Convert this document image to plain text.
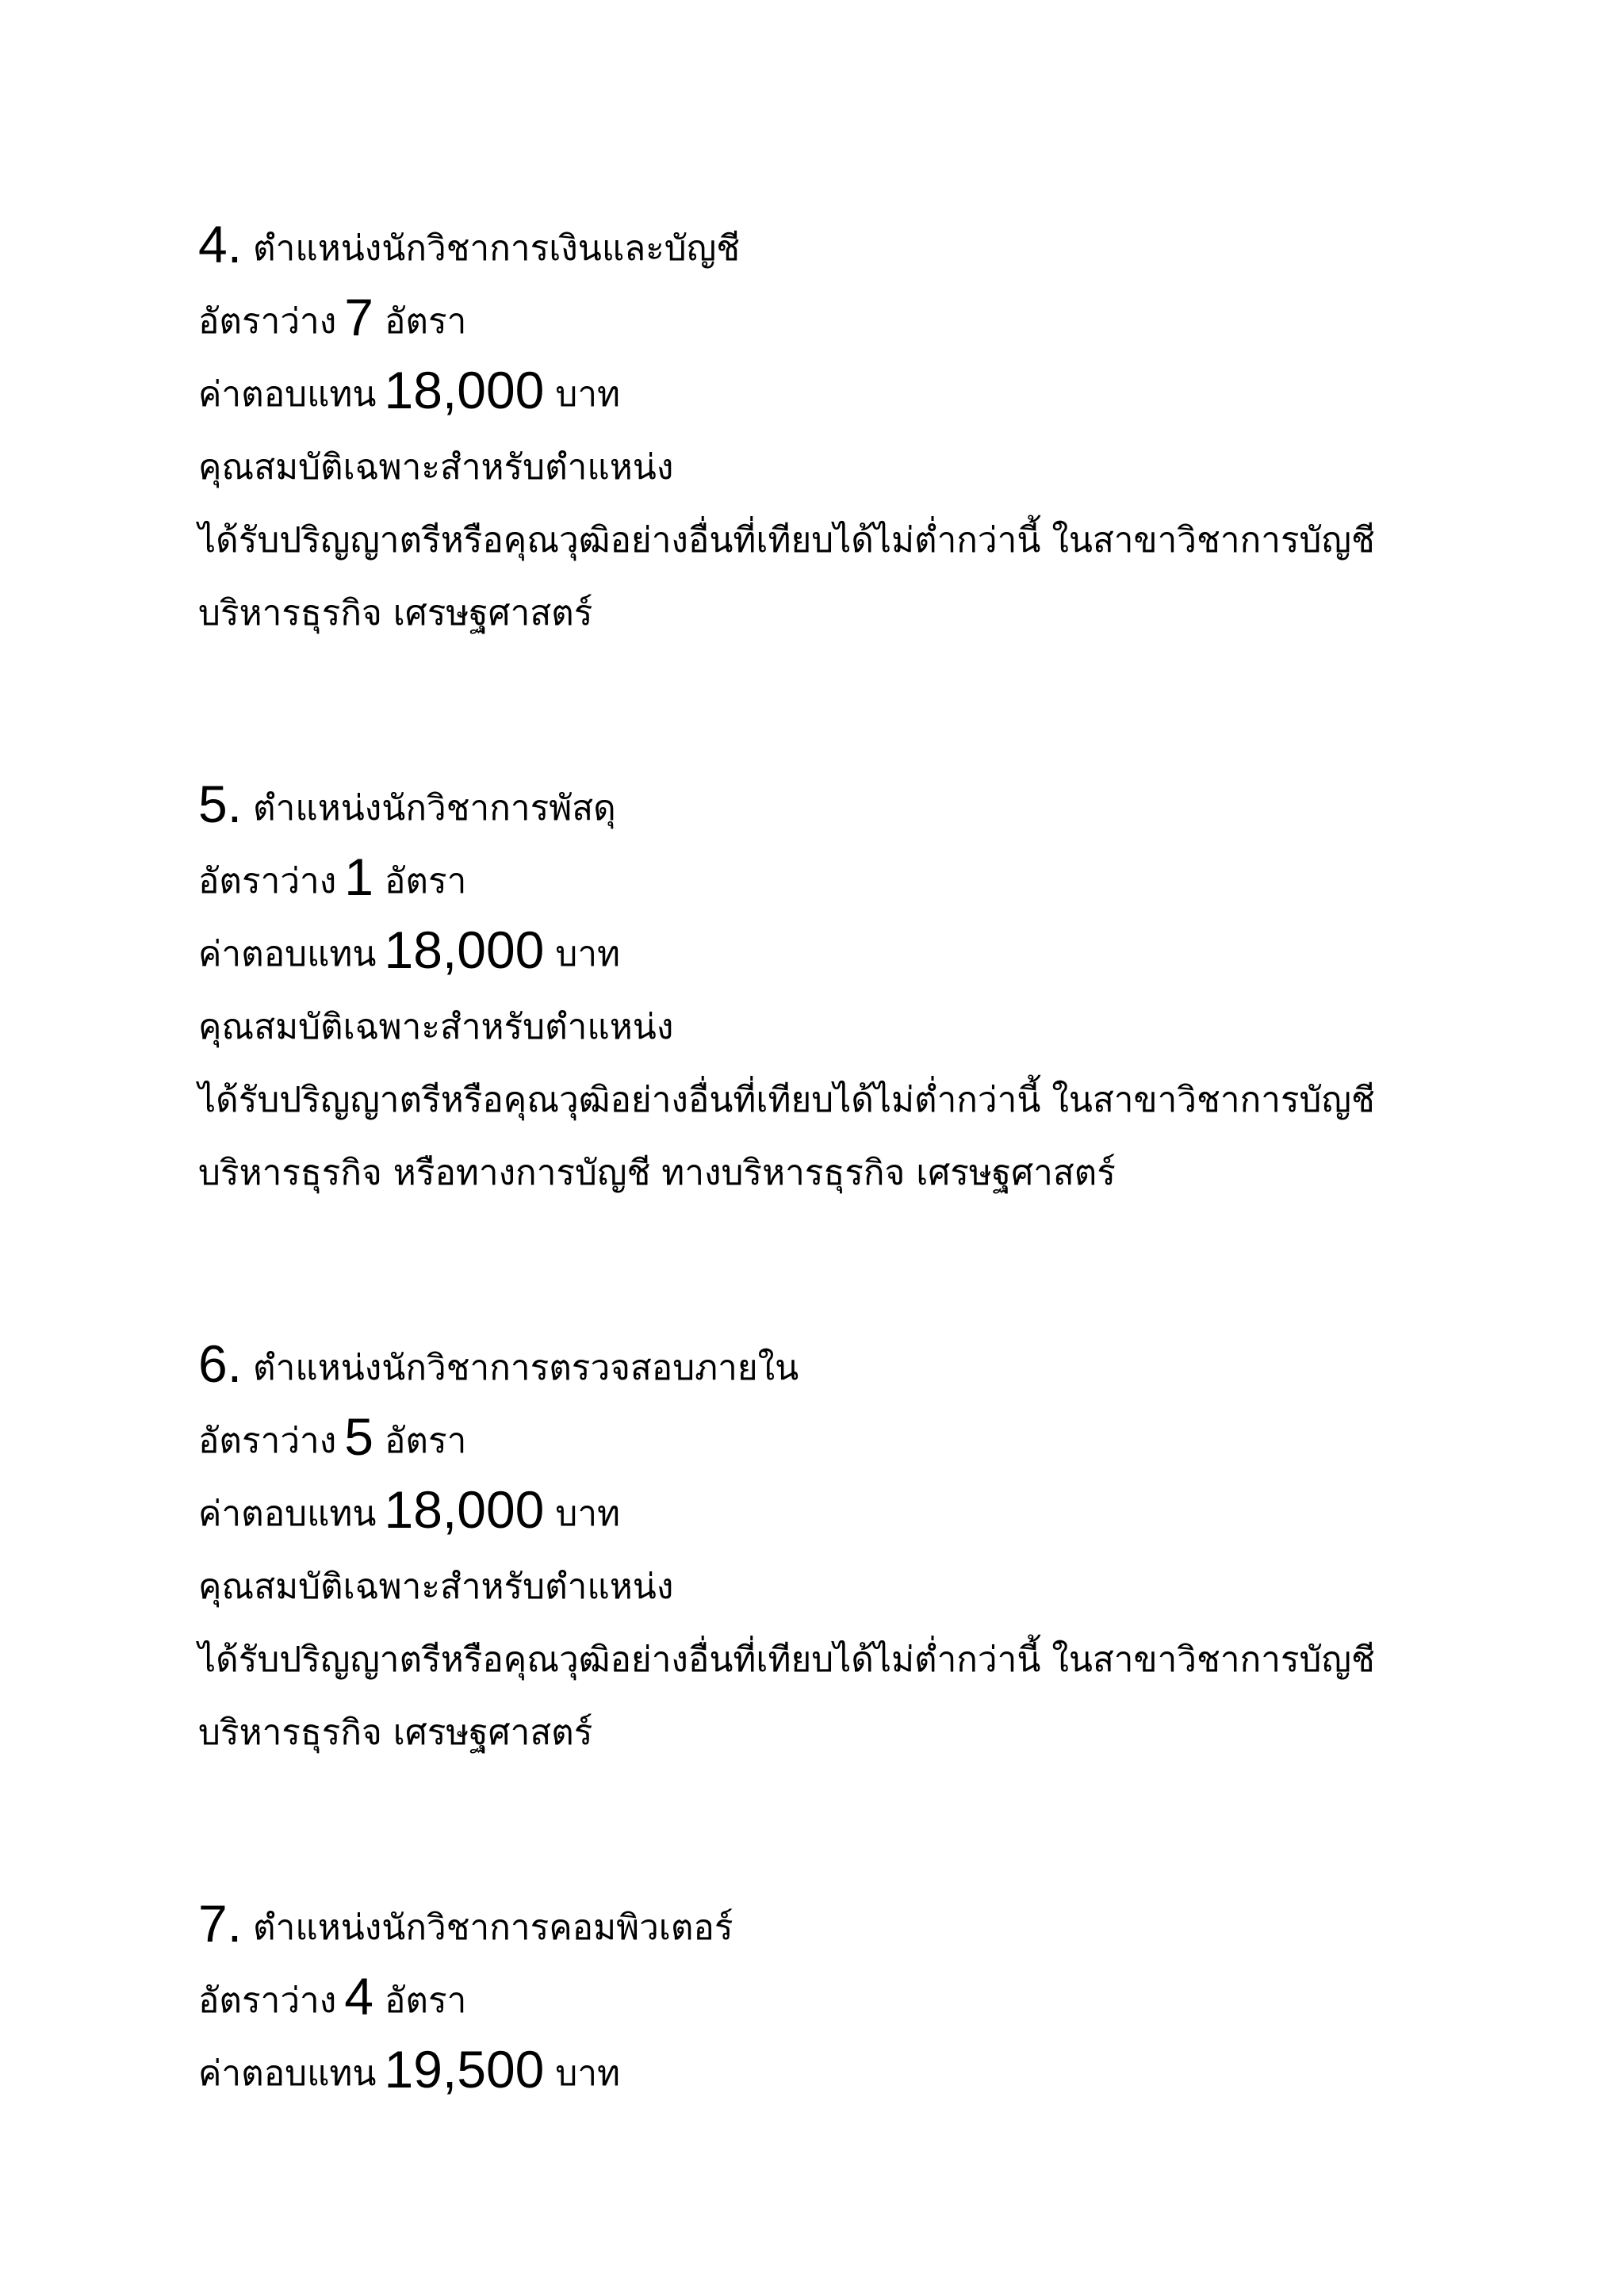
4. ตำแหน่งนักวิชาการเงินและบัญชี
อัตราว่าง 7 อัตรา
ค่าตอบแทน 18,000 บาท
คุณสมบัติเฉพาะสำหรับตำแหน่ง
ได้รับปริญญาตรีหรือคุณวุฒิอย่างอื่นที่เทียบได้ไม่ต่ำกว่านี้ ในสาขาวิชาการบัญชี
บริหารธุรกิจ เศรษฐศาสตร์
5. ตำแหน่งนักวิชาการพัสดุ
อัตราว่าง 1 อัตรา
ค่าตอบแทน 18,000 บาท
คุณสมบัติเฉพาะสำหรับตำแหน่ง
ได้รับปริญญาตรีหรือคุณวุฒิอย่างอื่นที่เทียบได้ไม่ต่ำกว่านี้ ในสาขาวิชาการบัญชี
บริหารธุรกิจ หรือทางการบัญชี ทางบริหารธุรกิจ เศรษฐศาสตร์
6. ตำแหน่งนักวิชาการตรวจสอบภายใน
อัตราว่าง 5 อัตรา
ค่าตอบแทน 18,000 บาท
คุณสมบัติเฉพาะสำหรับตำแหน่ง
ได้รับปริญญาตรีหรือคุณวุฒิอย่างอื่นที่เทียบได้ไม่ต่ำกว่านี้ ในสาขาวิชาการบัญชี
บริหารธุรกิจ เศรษฐศาสตร์
7. ตำแหน่งนักวิชาการคอมพิวเตอร์
อัตราว่าง 4 อัตรา
ค่าตอบแทน 19,500 บาท
